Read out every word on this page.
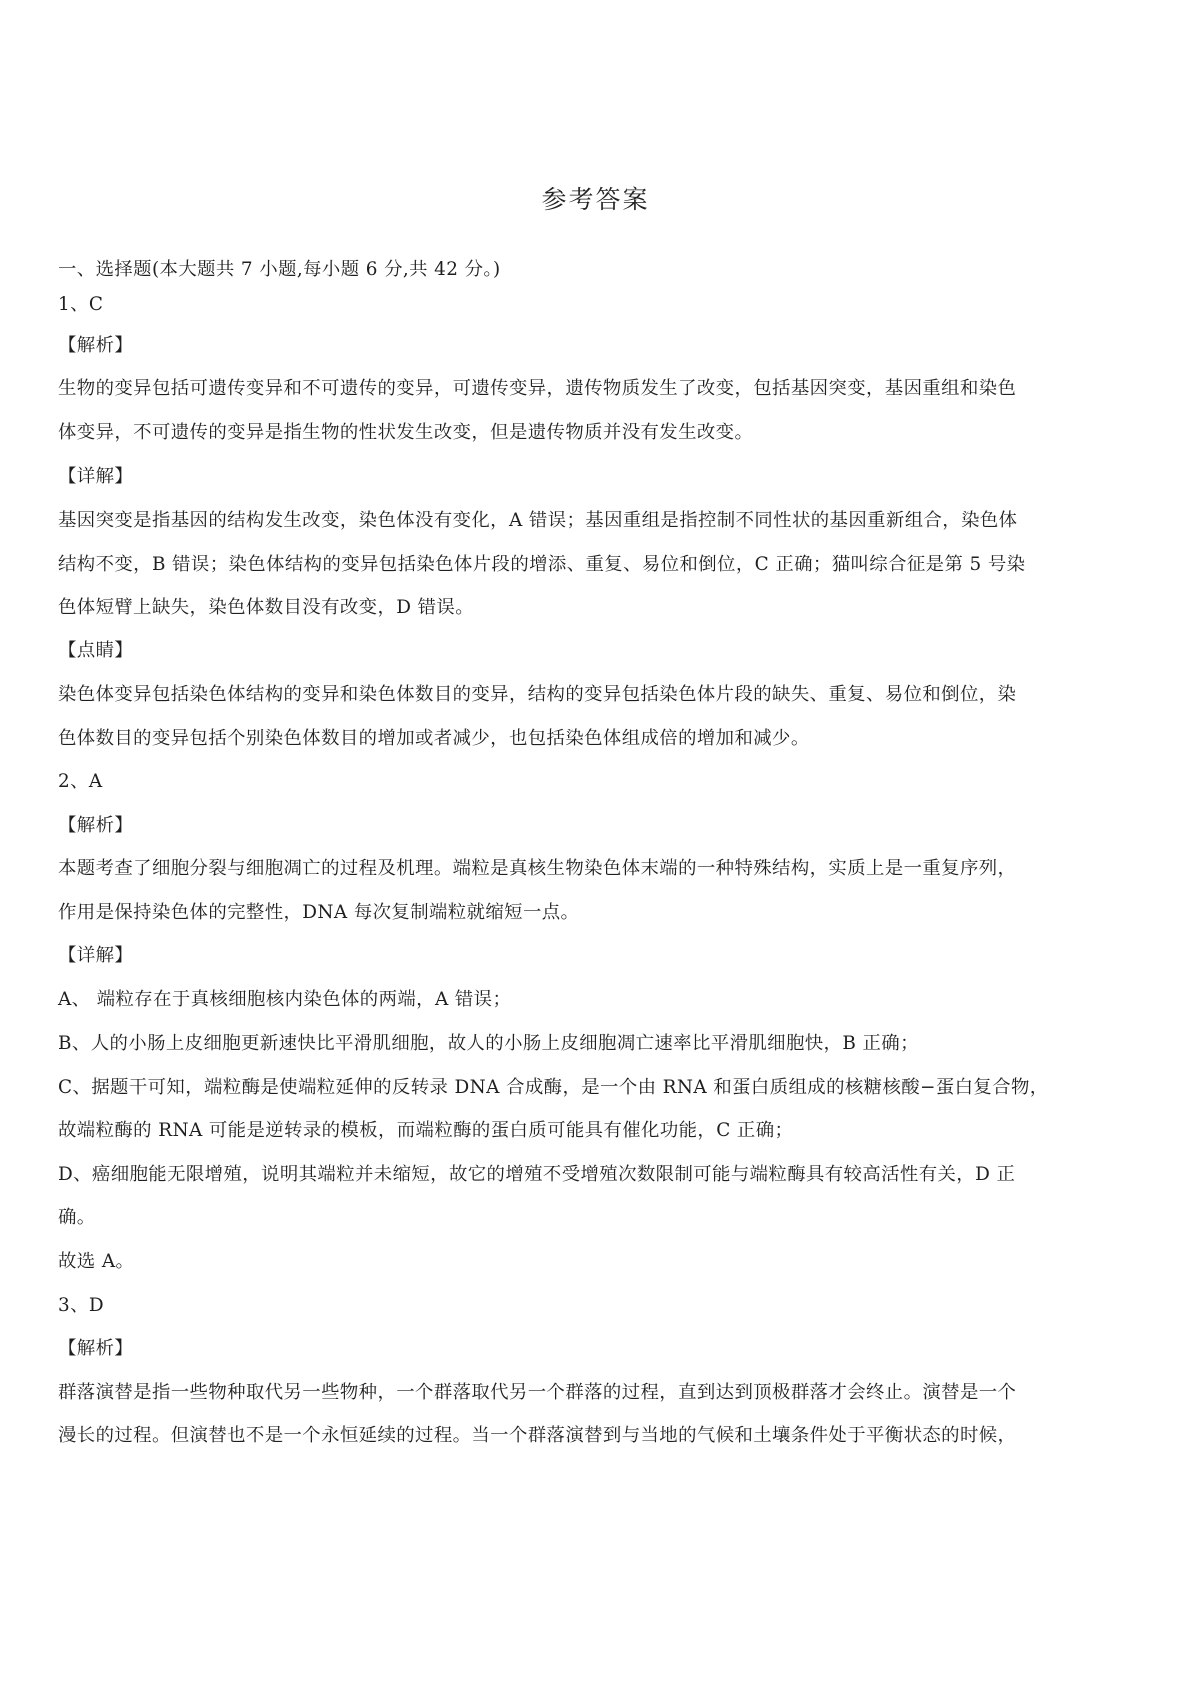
参考答案
一、选择题(本大题共 7 小题,每小题 6 分,共 42 分。)
1、C
【解析】
生物的变异包括可遗传变异和不可遗传的变异，可遗传变异，遗传物质发生了改变，包括基因突变，基因重组和染色
体变异，不可遗传的变异是指生物的性状发生改变，但是遗传物质并没有发生改变。
【详解】
基因突变是指基因的结构发生改变，染色体没有变化，A 错误；基因重组是指控制不同性状的基因重新组合，染色体
结构不变，B 错误；染色体结构的变异包括染色体片段的增添、重复、易位和倒位，C 正确；猫叫综合征是第 5 号染
色体短臂上缺失，染色体数目没有改变，D 错误。
【点睛】
染色体变异包括染色体结构的变异和染色体数目的变异，结构的变异包括染色体片段的缺失、重复、易位和倒位，染
色体数目的变异包括个别染色体数目的增加或者减少，也包括染色体组成倍的增加和减少。
2、A
【解析】
本题考查了细胞分裂与细胞凋亡的过程及机理。端粒是真核生物染色体末端的一种特殊结构，实质上是一重复序列，
作用是保持染色体的完整性，DNA 每次复制端粒就缩短一点。
【详解】
A、 端粒存在于真核细胞核内染色体的两端，A 错误；
B、人的小肠上皮细胞更新速快比平滑肌细胞，故人的小肠上皮细胞凋亡速率比平滑肌细胞快，B 正确；
C、据题干可知，端粒酶是使端粒延伸的反转录 DNA 合成酶，是一个由 RNA 和蛋白质组成的核糖核酸−蛋白复合物，
故端粒酶的 RNA 可能是逆转录的模板，而端粒酶的蛋白质可能具有催化功能，C 正确；
D、癌细胞能无限增殖，说明其端粒并未缩短，故它的增殖不受增殖次数限制可能与端粒酶具有较高活性有关，D 正
确。
故选 A。
3、D
【解析】
群落演替是指一些物种取代另一些物种，一个群落取代另一个群落的过程，直到达到顶极群落才会终止。演替是一个
漫长的过程。但演替也不是一个永恒延续的过程。当一个群落演替到与当地的气候和土壤条件处于平衡状态的时候，
